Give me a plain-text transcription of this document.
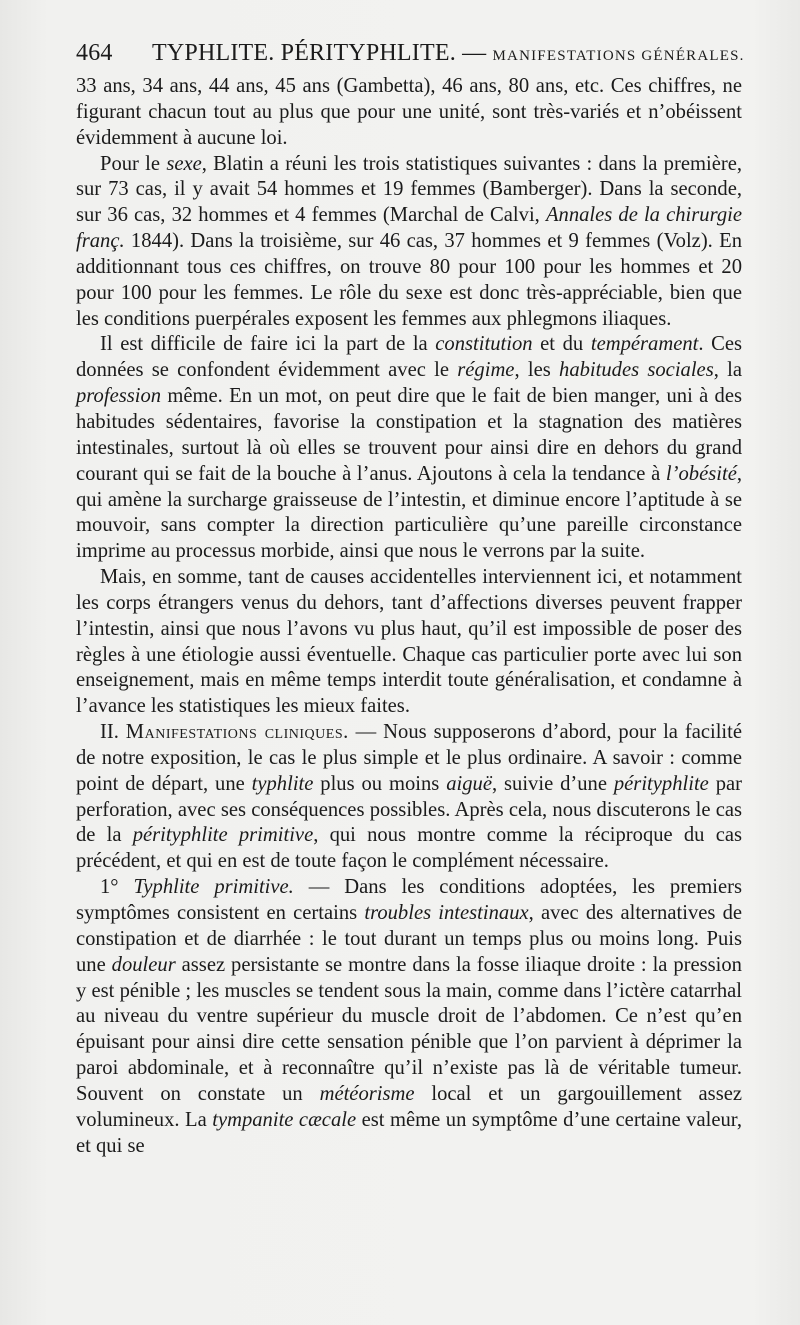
464 TYPHLITE. PÉRITYPHLITE. — MANIFESTATIONS GÉNÉRALES.

33 ans, 34 ans, 44 ans, 45 ans (Gambetta), 46 ans, 80 ans, etc. Ces chiffres, ne figurant chacun tout au plus que pour une unité, sont très-variés et n’obéissent évidemment à aucune loi.

Pour le sexe, Blatin a réuni les trois statistiques suivantes : dans la première, sur 73 cas, il y avait 54 hommes et 19 femmes (Bamberger). Dans la seconde, sur 36 cas, 32 hommes et 4 femmes (Marchal de Calvi, Annales de la chirurgie franç. 1844). Dans la troisième, sur 46 cas, 37 hommes et 9 femmes (Volz). En additionnant tous ces chiffres, on trouve 80 pour 100 pour les hommes et 20 pour 100 pour les femmes. Le rôle du sexe est donc très-appréciable, bien que les conditions puerpérales exposent les femmes aux phlegmons iliaques.

Il est difficile de faire ici la part de la constitution et du tempérament. Ces données se confondent évidemment avec le régime, les habitudes sociales, la profession même. En un mot, on peut dire que le fait de bien manger, uni à des habitudes sédentaires, favorise la constipation et la stagnation des matières intestinales, surtout là où elles se trouvent pour ainsi dire en dehors du grand courant qui se fait de la bouche à l’anus. Ajoutons à cela la tendance à l’obésité, qui amène la surcharge graisseuse de l’intestin, et diminue encore l’aptitude à se mouvoir, sans compter la direction particulière qu’une pareille circonstance imprime au processus morbide, ainsi que nous le verrons par la suite.

Mais, en somme, tant de causes accidentelles interviennent ici, et notamment les corps étrangers venus du dehors, tant d’affections diverses peuvent frapper l’intestin, ainsi que nous l’avons vu plus haut, qu’il est impossible de poser des règles à une étiologie aussi éventuelle. Chaque cas particulier porte avec lui son enseignement, mais en même temps interdit toute généralisation, et condamne à l’avance les statistiques les mieux faites.

II. Manifestations cliniques. — Nous supposerons d’abord, pour la facilité de notre exposition, le cas le plus simple et le plus ordinaire. A savoir : comme point de départ, une typhlite plus ou moins aiguë, suivie d’une pérityphlite par perforation, avec ses conséquences possibles. Après cela, nous discuterons le cas de la pérityphlite primitive, qui nous montre comme la réciproque du cas précédent, et qui en est de toute façon le complément nécessaire.

1° Typhlite primitive. — Dans les conditions adoptées, les premiers symptômes consistent en certains troubles intestinaux, avec des alternatives de constipation et de diarrhée : le tout durant un temps plus ou moins long. Puis une douleur assez persistante se montre dans la fosse iliaque droite : la pression y est pénible ; les muscles se tendent sous la main, comme dans l’ictère catarrhal au niveau du ventre supérieur du muscle droit de l’abdomen. Ce n’est qu’en épuisant pour ainsi dire cette sensation pénible que l’on parvient à déprimer la paroi abdominale, et à reconnaître qu’il n’existe pas là de véritable tumeur. Souvent on constate un météorisme local et un gargouillement assez volumineux. La tympanite cæcale est même un symptôme d’une certaine valeur, et qui se
